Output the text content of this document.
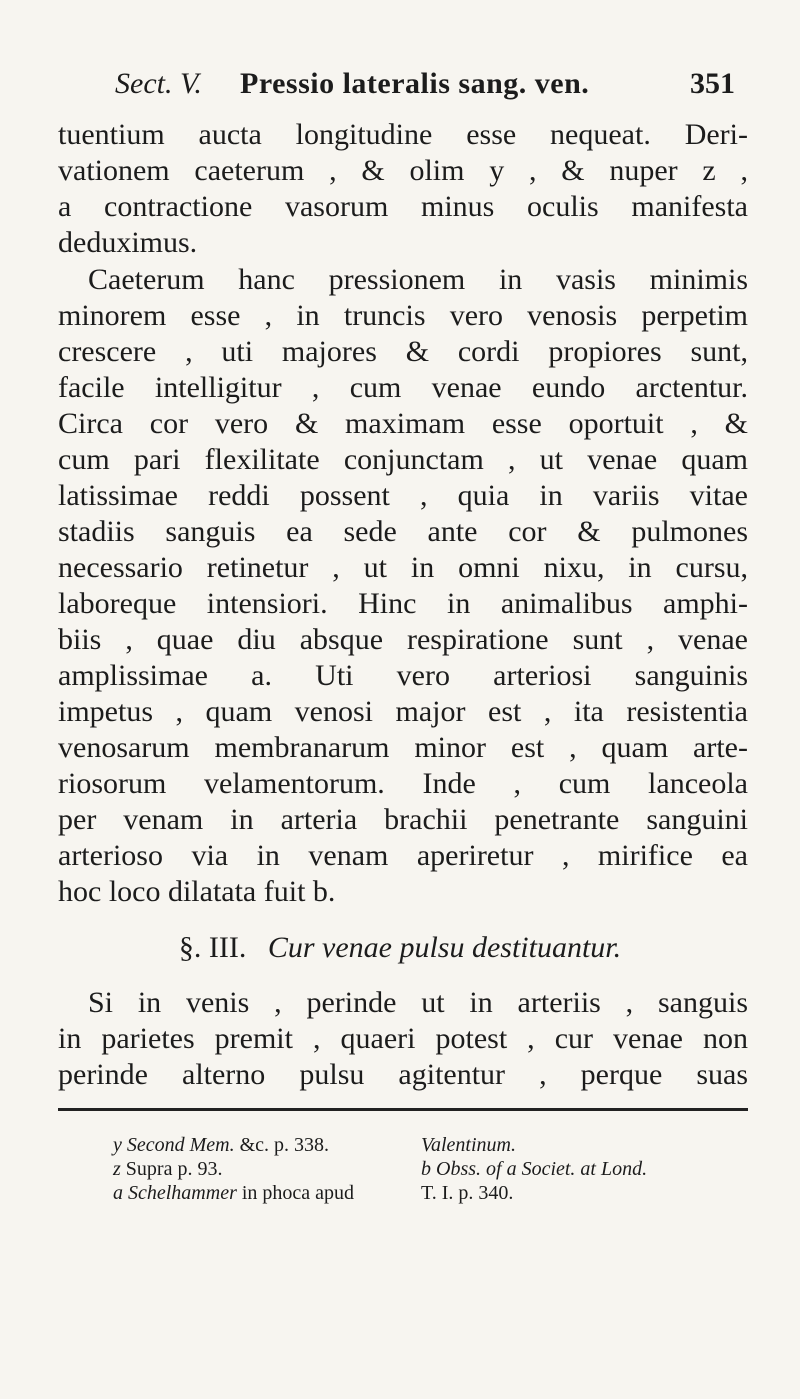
Sect. V. Pressio lateralis sang. ven.	351
tuentium aucta longitudine esse nequeat. Deri-
vationem caeterum , & olim y , & nuper z ,
a contractione vasorum minus oculis manifesta
deduximus.
Caeterum hanc pressionem in vasis minimis
minorem esse , in truncis vero venosis perpetim
crescere , uti majores & cordi propiores sunt,
facile intelligitur , cum venae eundo arctentur.
Circa cor vero & maximam esse oportuit , &
cum pari flexilitate conjunctam , ut venae quam
latissimae reddi possent , quia in variis vitae
stadiis sanguis ea sede ante cor & pulmones
necessario retinetur , ut in omni nixu, in cursu,
laboreque intensiori. Hinc in animalibus amphi-
biis , quae diu absque respiratione sunt , venae
amplissimae a. Uti vero arteriosi sanguinis
impetus , quam venosi major est , ita resistentia
venosarum membranarum minor est , quam arte-
riosorum velamentorum. Inde , cum lanceola
per venam in arteria brachii penetrante sanguini
arterioso via in venam aperiretur , mirifice ea
hoc loco dilatata fuit b.
§. III. Cur venae pulsu destituantur.
Si in venis , perinde ut in arteriis , sanguis
in parietes premit , quaeri potest , cur venae non
perinde alterno pulsu agitentur , perque suas
y Second Mem. &c. p. 338.
z Supra p. 93.
a Schelhammer in phoca apud
Valentinum.
b Obss. of a Societ. at Lond.
T. I. p. 340.
